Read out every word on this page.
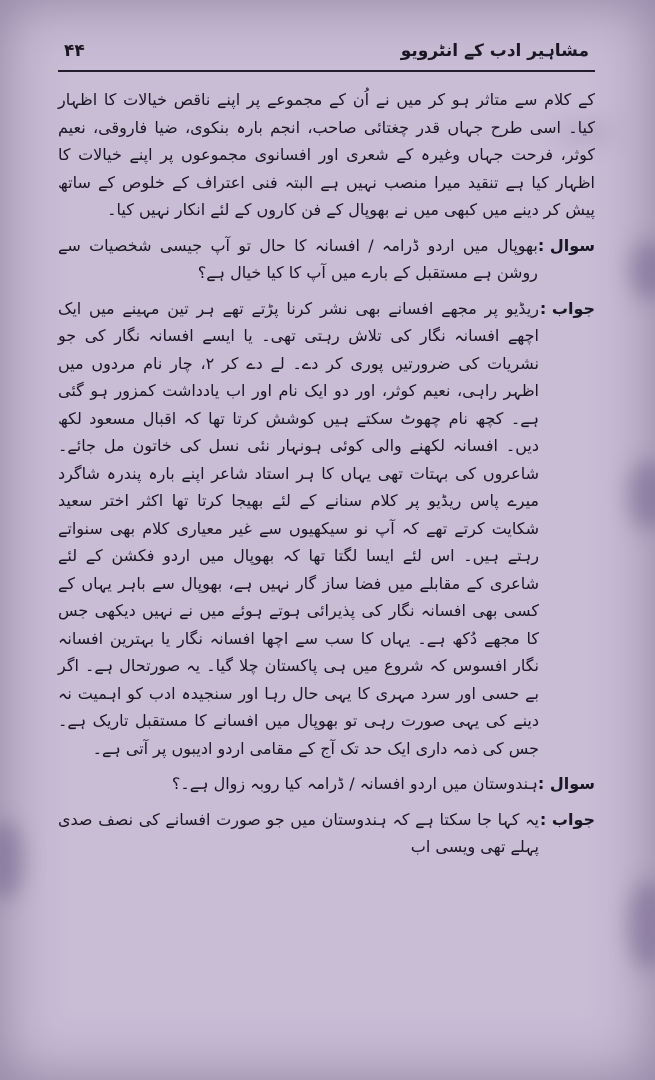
۴۴	مشاہیر ادب کے انٹرویو
کے کلام سے متاثر ہو کر میں نے اُن کے مجموعے پر اپنے ناقص خیالات کا اظہار کیا۔ اسی طرح جہاں قدر چغتائی صاحب، انجم بارہ بنکوی، ضیا فاروقی، نعیم کوثر، فرحت جہاں وغیرہ کے شعری اور افسانوی مجموعوں پر اپنے خیالات کا اظہار کیا ہے تنقید میرا منصب نہیں ہے البتہ فنی اعتراف کے خلوص کے ساتھ پیش کر دینے میں کبھی میں نے بھوپال کے فن کاروں کے لئے انکار نہیں کیا۔
سوال :
بھوپال میں اردو ڈرامہ / افسانہ کا حال تو آپ جیسی شخصیات سے روشن ہے مستقبل کے بارے میں آپ کا کیا خیال ہے؟
جواب :
ریڈیو پر مجھے افسانے بھی نشر کرنا پڑتے تھے ہر تین مہینے میں ایک اچھے افسانہ نگار کی تلاش رہتی تھی۔ یا ایسے افسانہ نگار کی جو نشریات کی ضرورتیں پوری کر دے۔ لے دے کر ۲، چار نام مردوں میں اظہر راہی، نعیم کوثر، اور دو ایک نام اور اب یادداشت کمزور ہو گئی ہے۔ کچھ نام چھوٹ سکتے ہیں کوشش کرتا تھا کہ اقبال مسعود لکھ دیں۔ افسانہ لکھنے والی کوئی ہونہار نئی نسل کی خاتون مل جائے۔ شاعروں کی بہتات تھی یہاں کا ہر استاد شاعر اپنے بارہ پندرہ شاگرد میرے پاس ریڈیو پر کلام سنانے کے لئے بھیجا کرتا تھا اکثر اختر سعید شکایت کرتے تھے کہ آپ نو سیکھیوں سے غیر معیاری کلام بھی سنواتے رہتے ہیں۔ اس لئے ایسا لگتا تھا کہ بھوپال میں اردو فکشن کے لئے شاعری کے مقابلے میں فضا ساز گار نہیں ہے، بھوپال سے باہر یہاں کے کسی بھی افسانہ نگار کی پذیرائی ہوتے ہوئے میں نے نہیں دیکھی جس کا مجھے دُکھ ہے۔ یہاں کا سب سے اچھا افسانہ نگار یا بہترین افسانہ نگار افسوس کہ شروع میں ہی پاکستان چلا گیا۔ یہ صورتحال ہے۔ اگر بے حسی اور سرد مہری کا یہی حال رہا اور سنجیدہ ادب کو اہمیت نہ دینے کی یہی صورت رہی تو بھوپال میں افسانے کا مستقبل تاریک ہے۔ جس کی ذمہ داری ایک حد تک آج کے مقامی اردو ادیبوں پر آتی ہے۔
سوال :
ہندوستان میں اردو افسانہ / ڈرامہ کیا روبہ زوال ہے۔؟
جواب :
یہ کہا جا سکتا ہے کہ ہندوستان میں جو صورت افسانے کی نصف صدی پہلے تھی ویسی اب
